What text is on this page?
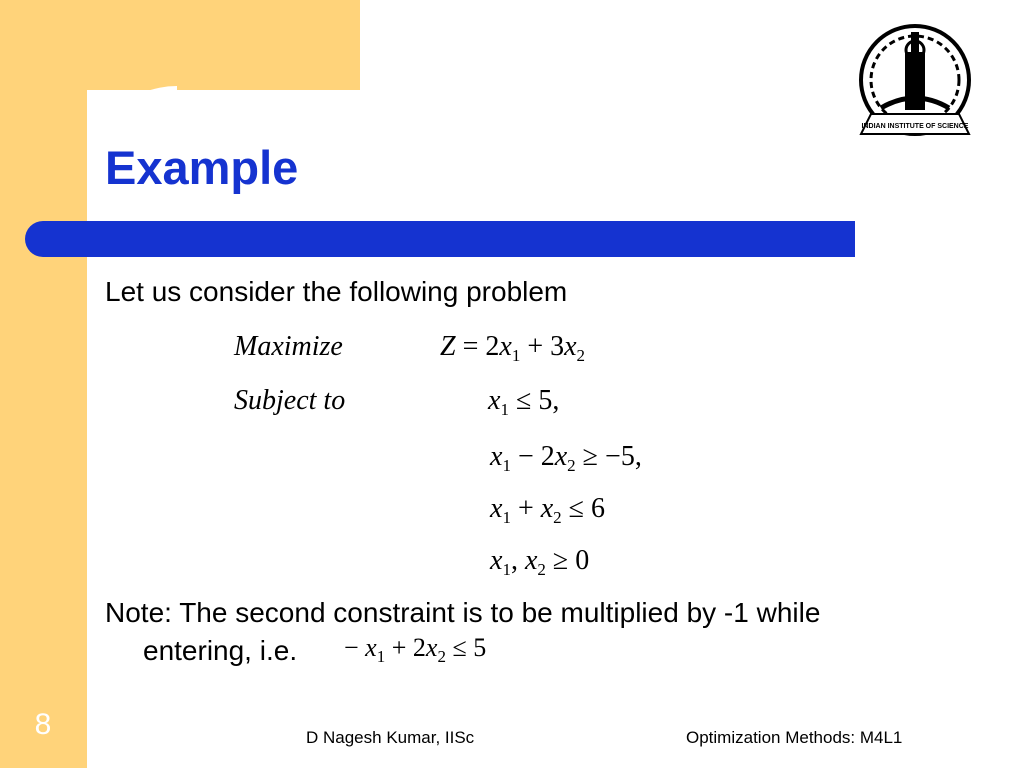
Example
INDIAN INSTITUTE OF SCIENCE
Let us consider the following problem
Maximize	$Z = 2x_1 + 3x_2$
Subject to	$x_1 \le 5$,
$x_1 - 2x_2 \ge -5$,
$x_1 + x_2 \le 6$
$x_1$, $x_2 \ge 0$
Note: The second constraint is to be multiplied by -1 while
entering, i.e.	− $x_1 + 2x_2 \le 5$
8	D Nagesh Kumar, IISc	Optimization Methods: M4L1
